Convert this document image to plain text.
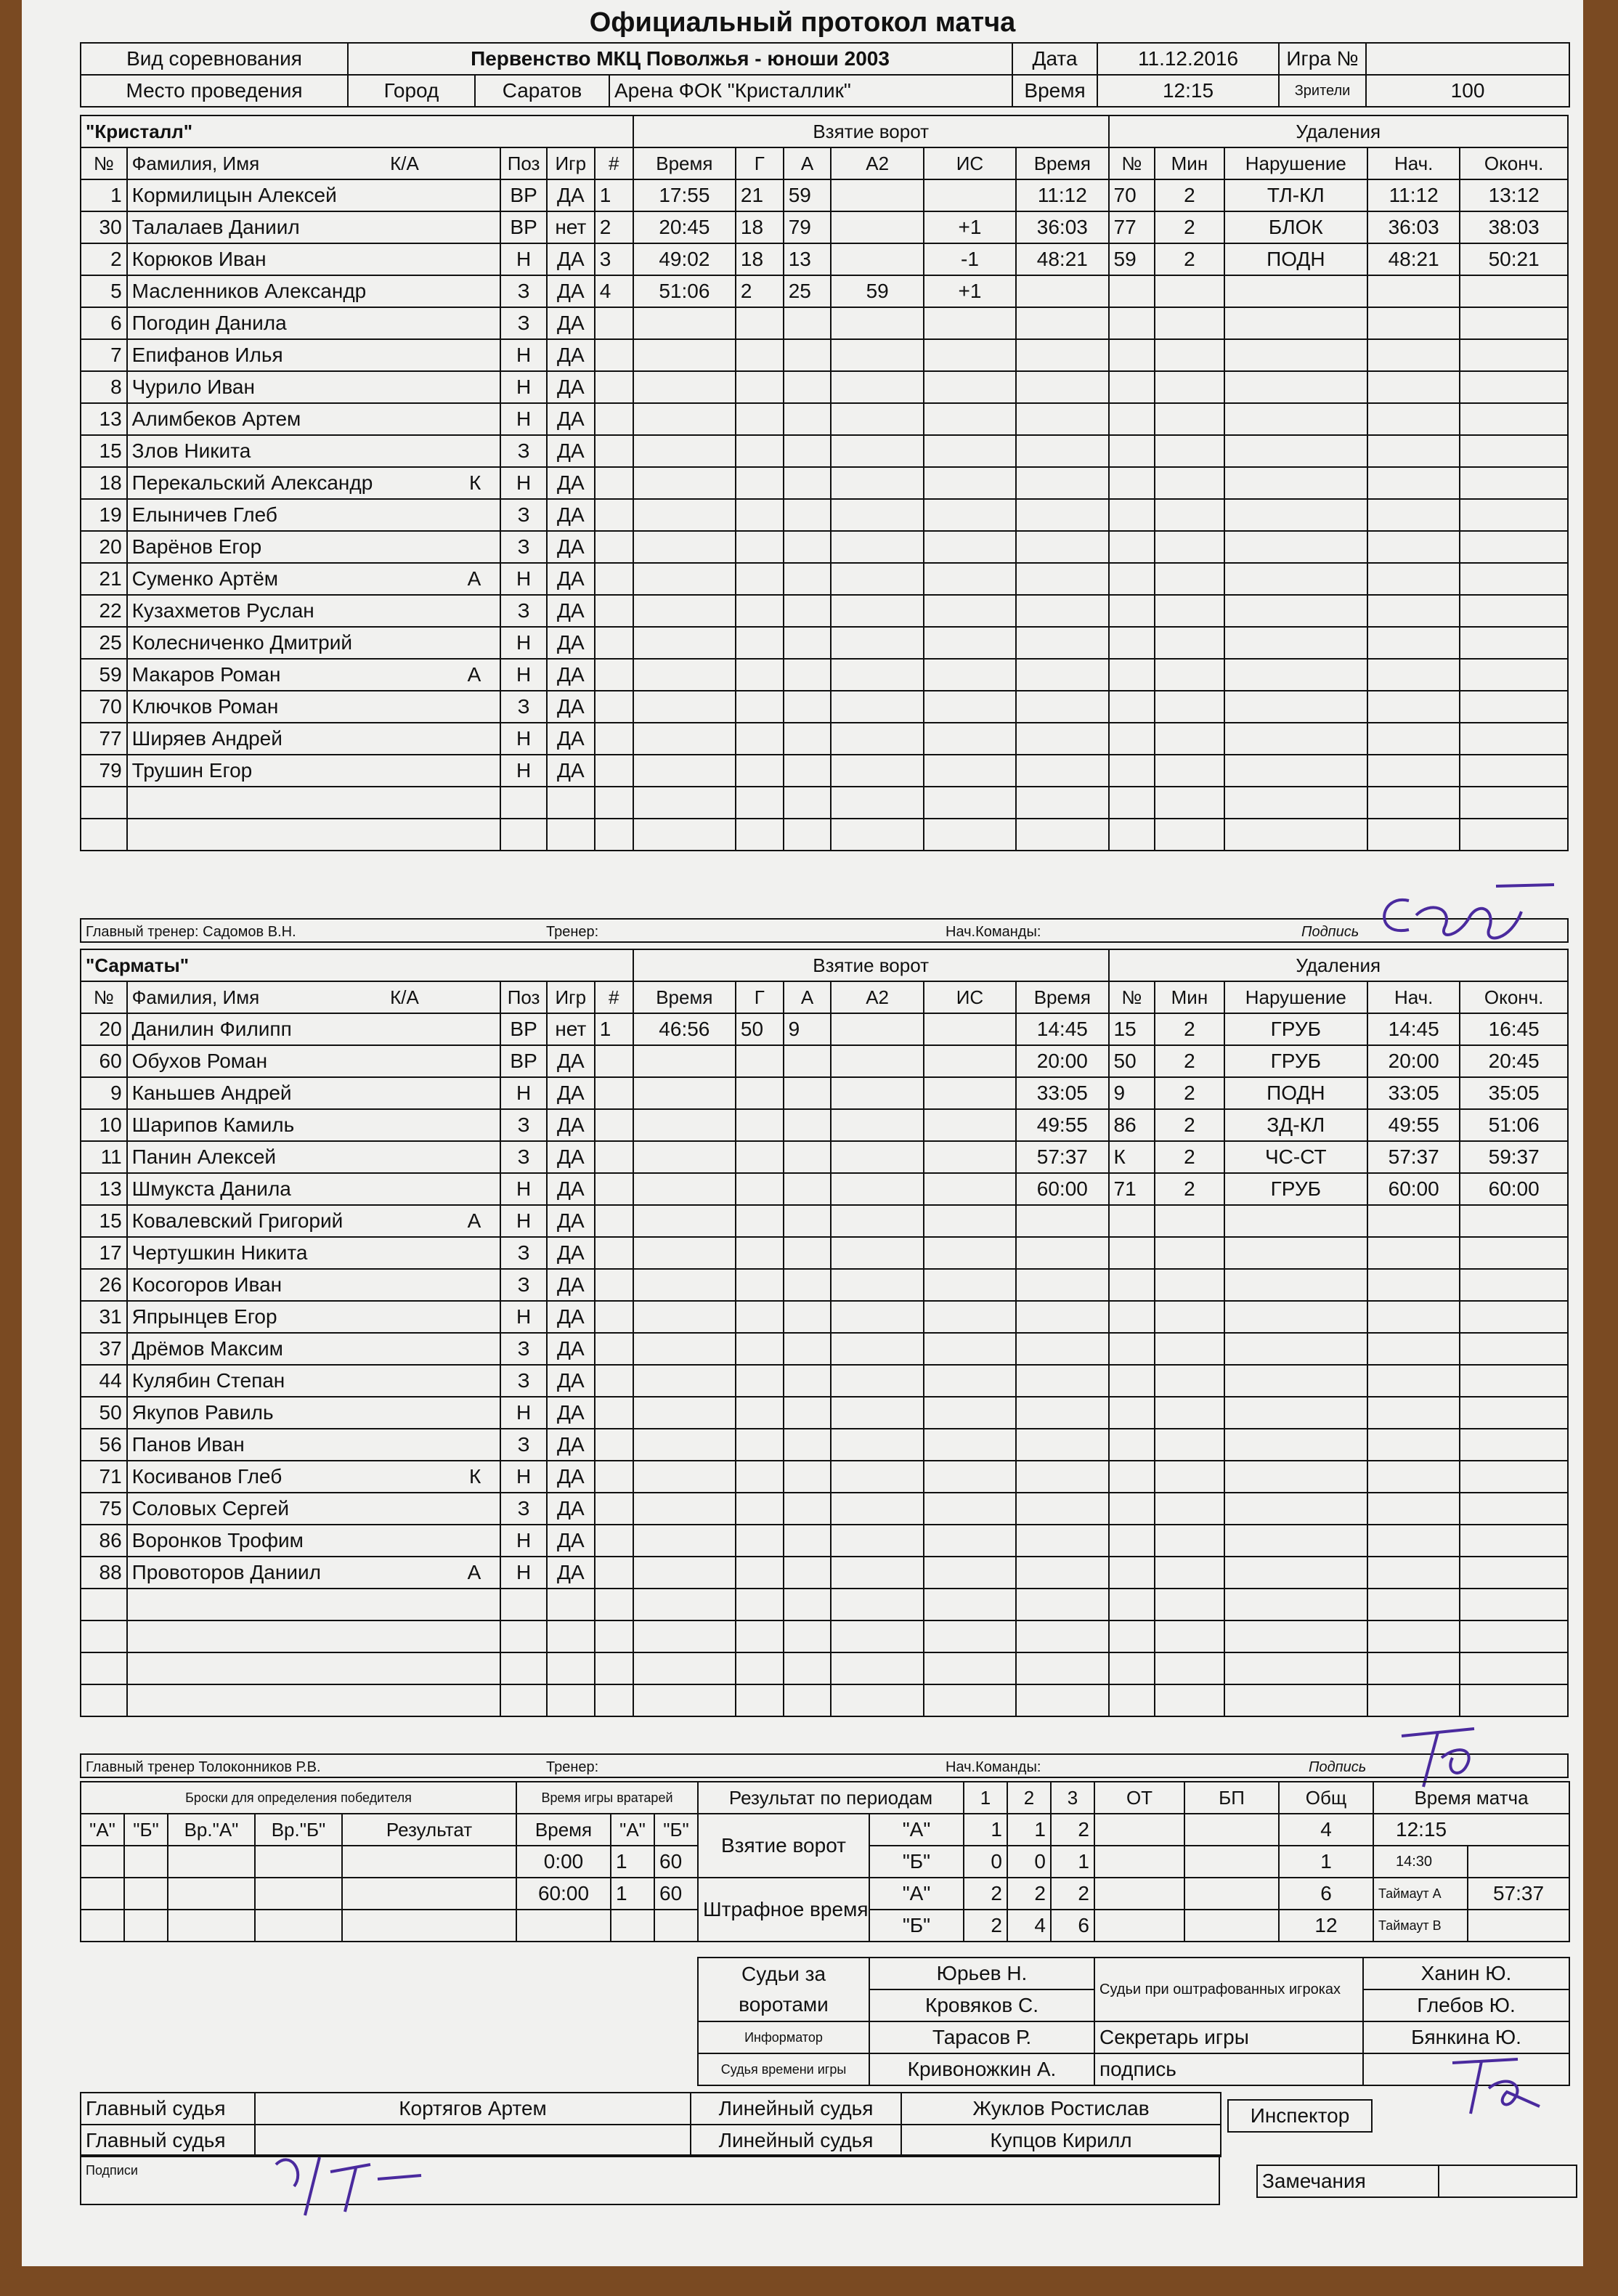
Официальный протокол матча
Вид соревнования	Первенство МКЦ Поволжья - юноши 2003			Дата	11.12.2016	Игра №	
Место проведения	Город	Саратов	Арена ФОК "Кристаллик"	Время	12:15	Зрители	100
"Кристалл"					Взятие ворот						Удаления				
№	Фамилия, Имя К/А	Поз	Игр	#	Время	Г	А	А2	ИС	Время	№	Мин	Нарушение	Нач.	Оконч.
1	Кормилицын Алексей	ВР	ДА	1	17:55	21	59			11:12	70	2	ТЛ-КЛ	11:12	13:12
30	Талалаев Даниил	ВР	нет	2	20:45	18	79		+1	36:03	77	2	БЛОК	36:03	38:03
2	Корюков Иван	Н	ДА	3	49:02	18	13		-1	48:21	59	2	ПОДН	48:21	50:21
5	Масленников Александр	З	ДА	4	51:06	2	25	59	+1						
6	Погодин Данила	З	ДА												
7	Епифанов Илья	Н	ДА												
8	Чурило Иван	Н	ДА												
13	Алимбеков Артем	Н	ДА												
15	Злов Никита	З	ДА												
18	Перекальский Александр К	Н	ДА												
19	Елыничев Глеб	З	ДА												
20	Варёнов Егор	З	ДА												
21	Суменко Артём А	Н	ДА												
22	Кузахметов Руслан	З	ДА												
25	Колесниченко Дмитрий	Н	ДА												
59	Макаров Роман А	Н	ДА												
70	Ключков Роман	З	ДА												
77	Ширяев Андрей	Н	ДА												
79	Трушин Егор	Н	ДА												

Главный тренер: Садомов В.Н.	Тренер:	Нач.Команды:	Подпись
"Сарматы"					Взятие ворот						Удаления				
№	Фамилия, Имя К/А	Поз	Игр	#	Время	Г	А	А2	ИС	Время	№	Мин	Нарушение	Нач.	Оконч.
20	Данилин Филипп	ВР	нет	1	46:56	50	9			14:45	15	2	ГРУБ	14:45	16:45
60	Обухов Роман	ВР	ДА							20:00	50	2	ГРУБ	20:00	20:45
9	Каньшев Андрей	Н	ДА							33:05	9	2	ПОДН	33:05	35:05
10	Шарипов Камиль	З	ДА							49:55	86	2	ЗД-КЛ	49:55	51:06
11	Панин Алексей	З	ДА							57:37	К	2	ЧС-СТ	57:37	59:37
13	Шмукста Данила	Н	ДА							60:00	71	2	ГРУБ	60:00	60:00
15	Ковалевский Григорий А	Н	ДА												
17	Чертушкин Никита	З	ДА												
26	Косогоров Иван	З	ДА												
31	Япрынцев Егор	Н	ДА												
37	Дрёмов Максим	З	ДА												
44	Кулябин Степан	З	ДА												
50	Якупов Равиль	Н	ДА												
56	Панов Иван	З	ДА												
71	Косиванов Глеб К	Н	ДА												
75	Соловых Сергей	З	ДА												
86	Воронков Трофим	Н	ДА												
88	Провоторов Даниил А	Н	ДА												

Главный тренер Толоконников Р.В.	Тренер:	Нач.Команды:	Подпись
Броски для определения победителя				
"А"	"Б"	Вр."А"	Вр."Б"	Результат

Время игры вратарей		
Время	"А"	"Б"
0:00	1	60
60:00	1	60

Результат по периодам		1	2	3	ОТ	БП	Общ	Время матча	
Взятие ворот	"А"	1	1	2			4	12:15	
	"Б"	0	0	1			1	14:30	
Штрафное время	"А"	2	2	2			6	Таймаут А	57:37
	"Б"	2	4	6			12	Таймаут В	
Судьи за воротами	Юрьев Н.	Судьи при оштрафованных игроках	Ханин Ю.
	Кровяков С.		Глебов Ю.
Информатор	Тарасов Р.	Секретарь игры	Бянкина Ю.
Судья времени игры	Кривоножкин А.	подпись	
Главный судья	Кортягов Артем	Линейный судья	Жуклов Ростислав
Главный судья		Линейный судья	Купцов Кирилл
Инспектор
Подписи	Замечания	
